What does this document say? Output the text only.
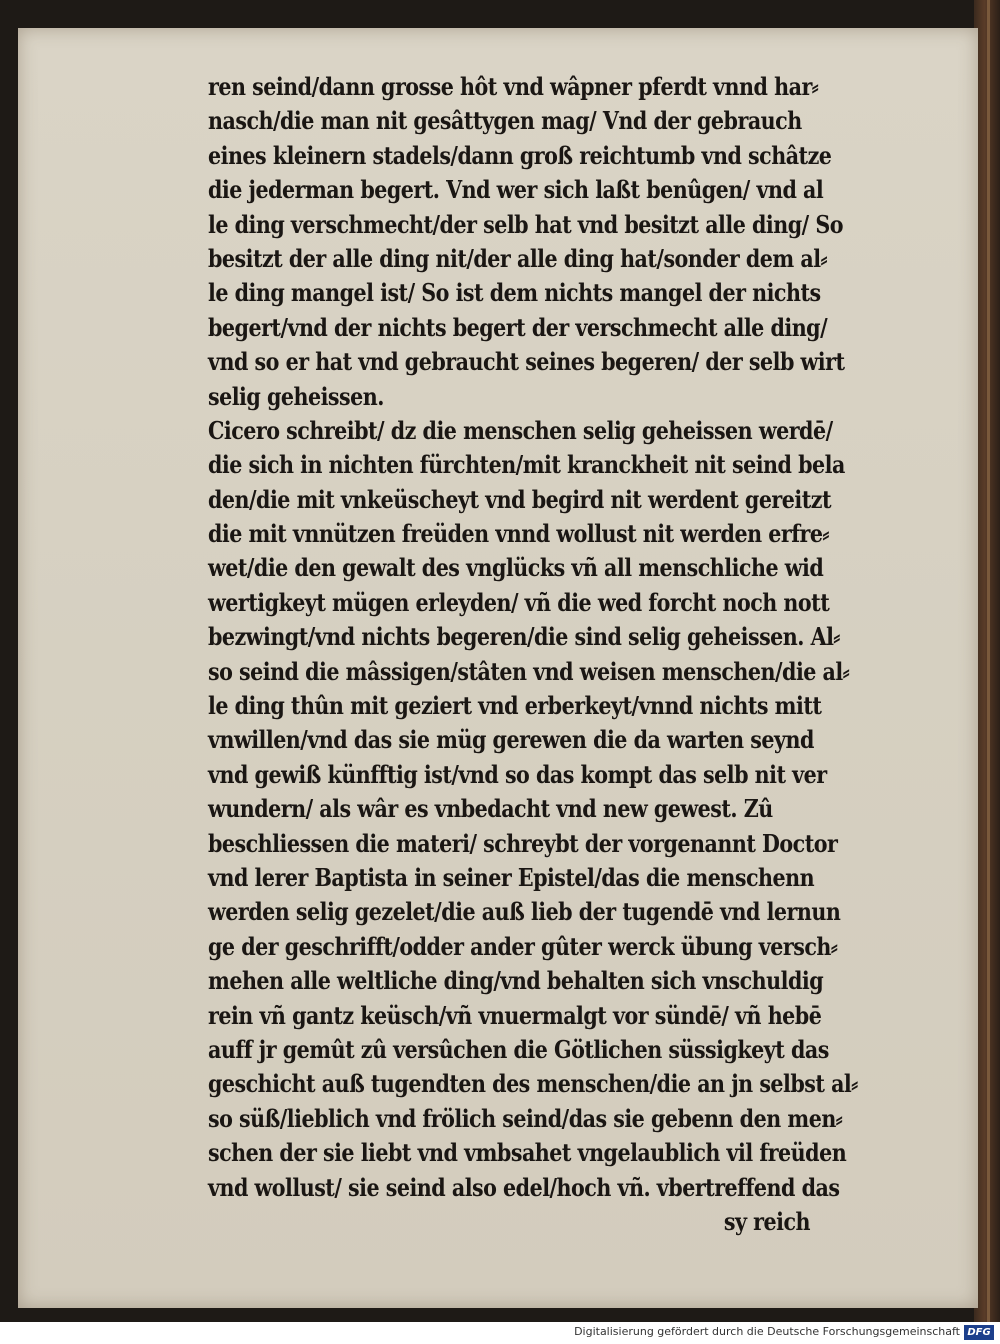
ren seind/dann grosse hôt vnd wâpner pferdt vnnd har⸗
nasch/die man nit gesâttygen mag/ Vnd der gebrauch
eines kleinern stadels/dann groß reichtumb vnd schâtze
die jederman begert. Vnd wer sich laßt benûgen/ vnd al
le ding verschmecht/der selb hat vnd besitzt alle ding/ So
besitzt der alle ding nit/der alle ding hat/sonder dem al⸗
le ding mangel ist/ So ist dem nichts mangel der nichts
begert/vnd der nichts begert der verschmecht alle ding/
vnd so er hat vnd gebraucht seines begeren/ der selb wirt
selig geheissen.
Cicero schreibt/ dz die menschen selig geheissen werdē/
die sich in nichten fürchten/mit kranckheit nit seind bela
den/die mit vnkeüscheyt vnd begird nit werdent gereitzt
die mit vnnützen freüden vnnd wollust nit werden erfre⸗
wet/die den gewalt des vnglücks vñ all menschliche wid
wertigkeyt mügen erleyden/ vñ die wed forcht noch nott
bezwingt/vnd nichts begeren/die sind selig geheissen. Al⸗
so seind die mâssigen/stâten vnd weisen menschen/die al⸗
le ding thûn mit geziert vnd erberkeyt/vnnd nichts mitt
vnwillen/vnd das sie müg gerewen die da warten seynd
vnd gewiß künfftig ist/vnd so das kompt das selb nit ver
wundern/ als wâr es vnbedacht vnd new gewest. Zû
beschliessen die materi/ schreybt der vorgenannt Doctor
vnd lerer Baptista in seiner Epistel/das die menschenn
werden selig gezelet/die auß lieb der tugendē vnd lernun
ge der geschrifft/odder ander gûter werck übung versch⸗
mehen alle weltliche ding/vnd behalten sich vnschuldig
rein vñ gantz keüsch/vñ vnuermalgt vor sündē/ vñ hebē
auff jr gemût zû versûchen die Götlichen süssigkeyt das
geschicht auß tugendten des menschen/die an jn selbst al⸗
so süß/lieblich vnd frölich seind/das sie gebenn den men⸗
schen der sie liebt vnd vmbsahet vngelaublich vil freüden
vnd wollust/ sie seind also edel/hoch vñ. vbertreffend das
sy reich
Digitalisierung gefördert durch die Deutsche Forschungsgemeinschaft DFG
